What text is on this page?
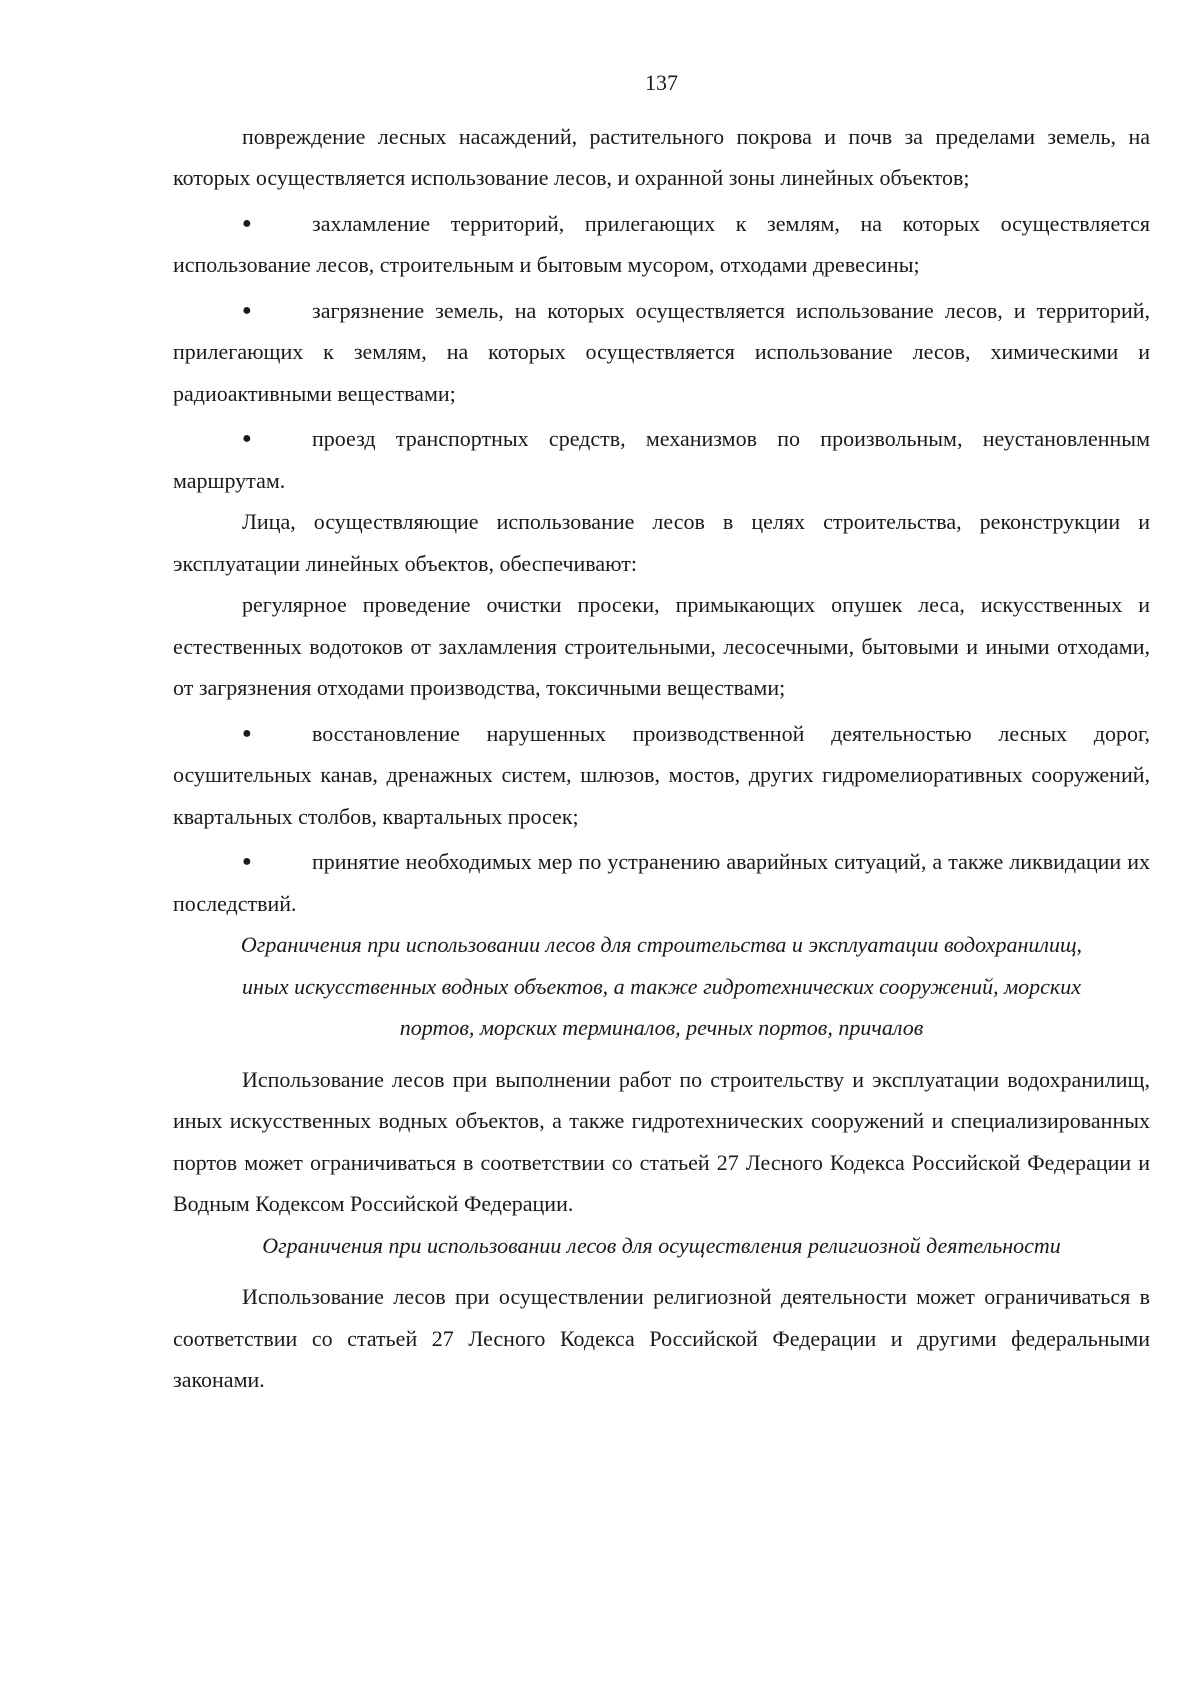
137

повреждение лесных насаждений, растительного покрова и почв за пределами земель, на которых осуществляется использование лесов, и охранной зоны линейных объектов;

●	захламление территорий, прилегающих к землям, на которых осуществляется использование лесов, строительным и бытовым мусором, отходами древесины;

●	загрязнение земель, на которых осуществляется использование лесов, и территорий, прилегающих к землям, на которых осуществляется использование лесов, химическими и радиоактивными веществами;

●	проезд транспортных средств, механизмов по произвольным, неустановленным маршрутам.

Лица, осуществляющие использование лесов в целях строительства, реконструкции и эксплуатации линейных объектов, обеспечивают:

регулярное проведение очистки просеки, примыкающих опушек леса, искусственных и естественных водотоков от захламления строительными, лесосечными, бытовыми и иными отходами, от загрязнения отходами производства, токсичными веществами;

●	восстановление нарушенных производственной деятельностью лесных дорог, осушительных канав, дренажных систем, шлюзов, мостов, других гидромелиоративных сооружений, квартальных столбов, квартальных просек;

●	принятие необходимых мер по устранению аварийных ситуаций, а также ликвидации их последствий.

Ограничения при использовании лесов для строительства и эксплуатации водохранилищ, иных искусственных водных объектов, а также гидротехнических сооружений, морских портов, морских терминалов, речных портов, причалов

Использование лесов при выполнении работ по строительству и эксплуатации водохранилищ, иных искусственных водных объектов, а также гидротехнических сооружений и специализированных портов может ограничиваться в соответствии со статьей 27 Лесного Кодекса Российской Федерации и Водным Кодексом Российской Федерации.

Ограничения при использовании лесов для осуществления религиозной деятельности

Использование лесов при осуществлении религиозной деятельности может ограничиваться в соответствии со статьей 27 Лесного Кодекса Российской Федерации и другими федеральными законами.
